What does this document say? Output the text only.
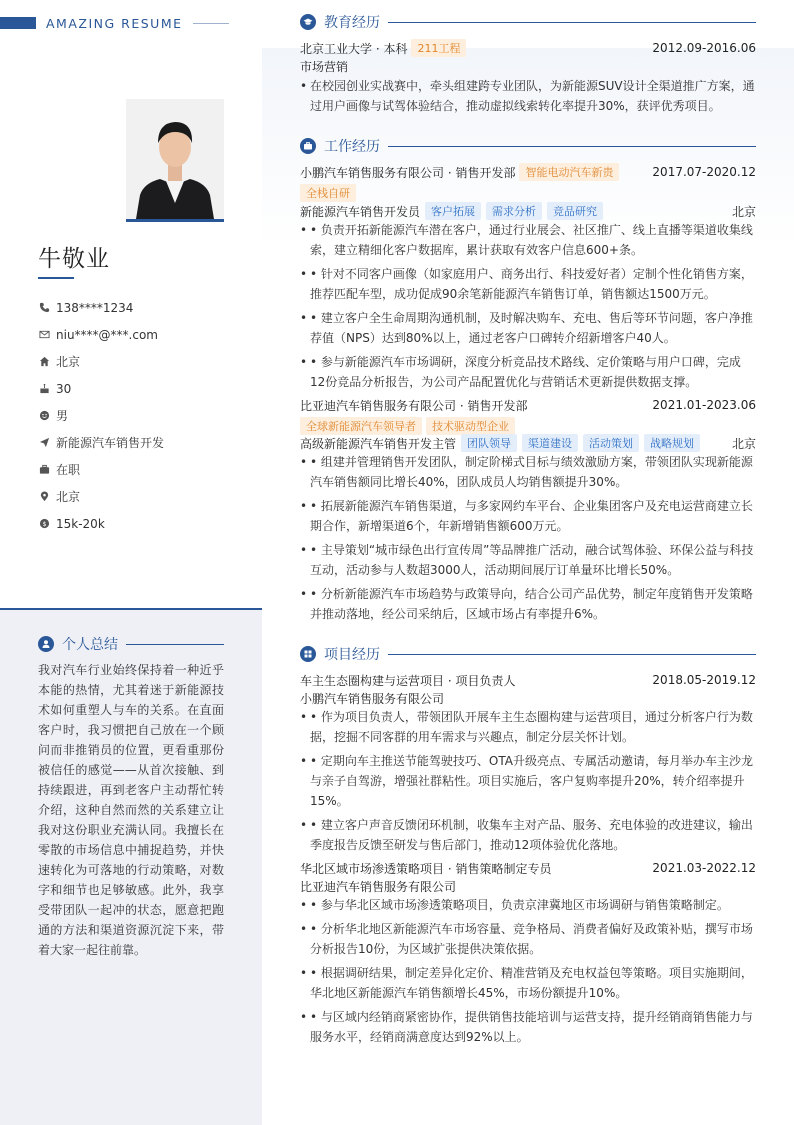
AMAZING RESUME
牛敬业
138****1234
niu****@***.com
北京
30
男
新能源汽车销售开发
在职
北京
$ 15k-20k
个人总结
我对汽车行业始终保持着一种近乎本能的热情，尤其着迷于新能源技术如何重塑人与车的关系。在直面客户时，我习惯把自己放在一个顾问而非推销员的位置，更看重那份被信任的感觉——从首次接触、到持续跟进，再到老客户主动帮忙转介绍，这种自然而然的关系建立让我对这份职业充满认同。我擅长在零散的市场信息中捕捉趋势，并快速转化为可落地的行动策略，对数字和细节也足够敏感。此外，我享受带团队一起冲的状态，愿意把跑通的方法和渠道资源沉淀下来，带着大家一起往前靠。
教育经历
北京工业大学 · 本科 211工程	2012.09-2016.06
市场营销
• 在校园创业实战赛中，牵头组建跨专业团队，为新能源SUV设计全渠道推广方案，通过用户画像与试驾体验结合，推动虚拟线索转化率提升30%，获评优秀项目。
工作经历
小鹏汽车销售服务有限公司 · 销售开发部 智能电动汽车新贵	2017.07-2020.12
全栈自研
新能源汽车销售开发员	客户拓展	需求分析	竞品研究	北京
• • 负责开拓新能源汽车潜在客户，通过行业展会、社区推广、线上直播等渠道收集线索，建立精细化客户数据库，累计获取有效客户信息600+条。
• • 针对不同客户画像（如家庭用户、商务出行、科技爱好者）定制个性化销售方案，推荐匹配车型，成功促成90余笔新能源汽车销售订单，销售额达1500万元。
• • 建立客户全生命周期沟通机制，及时解决购车、充电、售后等环节问题，客户净推荐值（NPS）达到80%以上，通过老客户口碑转介绍新增客户40人。
• • 参与新能源汽车市场调研，深度分析竞品技术路线、定价策略与用户口碑，完成12份竞品分析报告，为公司产品配置优化与营销话术更新提供数据支撑。
比亚迪汽车销售服务有限公司 · 销售开发部	2021.01-2023.06
全球新能源汽车领导者	技术驱动型企业
高级新能源汽车销售开发主管	团队领导	渠道建设	活动策划	战略规划	北京
• • 组建并管理销售开发团队，制定阶梯式目标与绩效激励方案，带领团队实现新能源汽车销售额同比增长40%，团队成员人均销售额提升30%。
• • 拓展新能源汽车销售渠道，与多家网约车平台、企业集团客户及充电运营商建立长期合作，新增渠道6个，年新增销售额600万元。
• • 主导策划“城市绿色出行宣传周”等品牌推广活动，融合试驾体验、环保公益与科技互动，活动参与人数超3000人，活动期间展厅订单量环比增长50%。
• • 分析新能源汽车市场趋势与政策导向，结合公司产品优势，制定年度销售开发策略并推动落地，经公司采纳后，区域市场占有率提升6%。
项目经历
车主生态圈构建与运营项目 · 项目负责人	2018.05-2019.12
小鹏汽车销售服务有限公司
• • 作为项目负责人，带领团队开展车主生态圈构建与运营项目，通过分析客户行为数据，挖掘不同客群的用车需求与兴趣点，制定分层关怀计划。
• • 定期向车主推送节能驾驶技巧、OTA升级亮点、专属活动邀请，每月举办车主沙龙与亲子自驾游，增强社群粘性。项目实施后，客户复购率提升20%，转介绍率提升15%。
• • 建立客户声音反馈闭环机制，收集车主对产品、服务、充电体验的改进建议，输出季度报告反馈至研发与售后部门，推动12项体验优化落地。
华北区域市场渗透策略项目 · 销售策略制定专员	2021.03-2022.12
比亚迪汽车销售服务有限公司
• • 参与华北区域市场渗透策略项目，负责京津冀地区市场调研与销售策略制定。
• • 分析华北地区新能源汽车市场容量、竞争格局、消费者偏好及政策补贴，撰写市场分析报告10份，为区域扩张提供决策依据。
• • 根据调研结果，制定差异化定价、精准营销及充电权益包等策略。项目实施期间，华北地区新能源汽车销售额增长45%，市场份额提升10%。
• • 与区域内经销商紧密协作，提供销售技能培训与运营支持，提升经销商销售能力与服务水平，经销商满意度达到92%以上。
